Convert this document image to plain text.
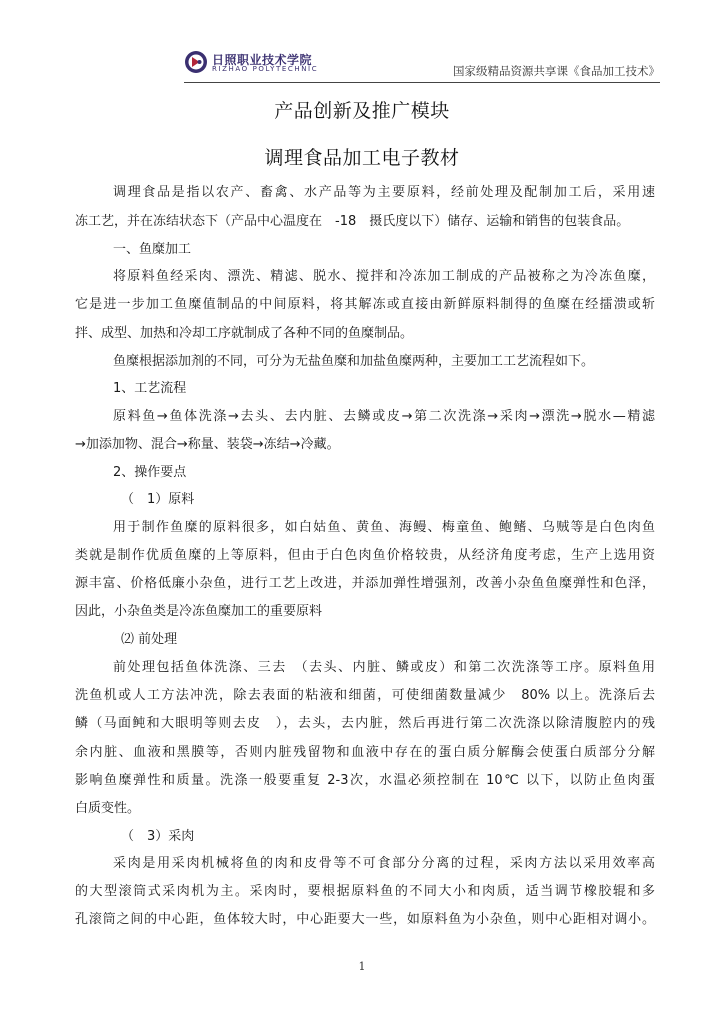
日照职业技术学院
RIZHAO POLYTECHNIC	国家级精品资源共享课《食品加工技术》
产品创新及推广模块
调理食品加工电子教材
调理食品是指以农产、畜禽、水产品等为主要原料，经前处理及配制加工后，采用速
冻工艺，并在冻结状态下（产品中心温度在　-18　摄氏度以下）储存、运输和销售的包装食品。
一、鱼糜加工
将原料鱼经采肉、漂洗、精滤、脱水、搅拌和冷冻加工制成的产品被称之为冷冻鱼糜，
它是进一步加工鱼糜值制品的中间原料，将其解冻或直接由新鲜原料制得的鱼糜在经擂溃或斩
拌、成型、加热和冷却工序就制成了各种不同的鱼糜制品。
鱼糜根据添加剂的不同，可分为无盐鱼糜和加盐鱼糜两种，主要加工工艺流程如下。
1、工艺流程
原料鱼→鱼体洗涤→去头、去内脏、去鳞或皮→第二次洗涤→采肉→漂洗→脱水—精滤
→加添加物、混合→称量、装袋→冻结→冷藏。
2、操作要点
（　1）原料
用于制作鱼糜的原料很多，如白姑鱼、黄鱼、海鳗、梅童鱼、鲍鳍、乌贼等是白色肉鱼
类就是制作优质鱼糜的上等原料，但由于白色肉鱼价格较贵，从经济角度考虑，生产上选用资
源丰富、价格低廉小杂鱼，进行工艺上改进，并添加弹性增强剂，改善小杂鱼鱼糜弹性和色泽，
因此，小杂鱼类是冷冻鱼糜加工的重要原料
⑵ 前处理
前处理包括鱼体洗涤、三去　（去头、内脏、鳞或皮）和第二次洗涤等工序。原料鱼用
洗鱼机或人工方法冲洗，除去表面的粘液和细菌，可使细菌数量减少　80% 以上。洗涤后去
鳞（马面鲀和大眼明等则去皮　），去头，去内脏，然后再进行第二次洗涤以除清腹腔内的残
余内脏、血液和黑膜等，否则内脏残留物和血液中存在的蛋白质分解酶会使蛋白质部分分解
影响鱼糜弹性和质量。洗涤一般要重复 2-3次，水温必须控制在 10℃ 以下，以防止鱼肉蛋
白质变性。
（　3）采肉
采肉是用采肉机械将鱼的肉和皮骨等不可食部分分离的过程，采肉方法以采用效率高
的大型滚筒式采肉机为主。采肉时，要根据原料鱼的不同大小和肉质，适当调节橡胶辊和多
孔滚筒之间的中心距，鱼体较大时，中心距要大一些，如原料鱼为小杂鱼，则中心距相对调小。
1
